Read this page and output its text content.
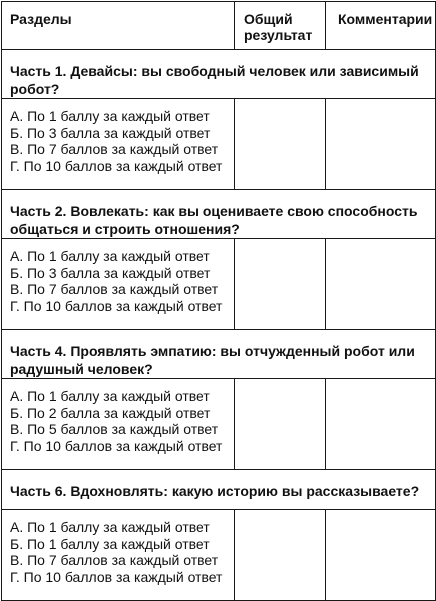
Разделы	Общий результат	Комментарии

Часть 1. Девайсы: вы свободный человек или зависимый робот?		

А. По 1 баллу за каждый ответ
Б. По 3 балла за каждый ответ
В. По 7 баллов за каждый ответ
Г. По 10 баллов за каждый ответ		

Часть 2. Вовлекать: как вы оцениваете свою способность общаться и строить отношения?		

А. По 1 баллу за каждый ответ
Б. По 3 балла за каждый ответ
В. По 7 баллов за каждый ответ
Г. По 10 баллов за каждый ответ		

Часть 4. Проявлять эмпатию: вы отчужденный робот или радушный человек?		

А. По 1 баллу за каждый ответ
Б. По 2 балла за каждый ответ
В. По 5 баллов за каждый ответ
Г. По 10 баллов за каждый ответ		

Часть 6. Вдохновлять: какую историю вы рассказываете?		

А. По 1 баллу за каждый ответ
Б. По 1 баллу за каждый ответ
В. По 7 баллов за каждый ответ
Г. По 10 баллов за каждый ответ		
